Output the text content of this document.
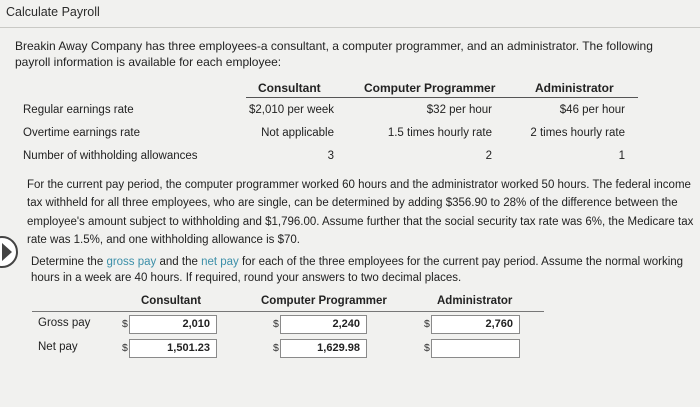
Calculate Payroll
Breakin Away Company has three employees-a consultant, a computer programmer, and an administrator. The following payroll information is available for each employee:
Consultant	Computer Programmer	Administrator
Regular earnings rate	$2,010 per week	$32 per hour	$46 per hour
Overtime earnings rate	Not applicable	1.5 times hourly rate	2 times hourly rate
Number of withholding allowances	3	2	1
For the current pay period, the computer programmer worked 60 hours and the administrator worked 50 hours. The federal income tax withheld for all three employees, who are single, can be determined by adding $356.90 to 28% of the difference between the employee's amount subject to withholding and $1,796.00. Assume further that the social security tax rate was 6%, the Medicare tax rate was 1.5%, and one withholding allowance is $70.
Determine the gross pay and the net pay for each of the three employees for the current pay period. Assume the normal working hours in a week are 40 hours. If required, round your answers to two decimal places.
Consultant	Computer Programmer	Administrator
Gross pay	$	2,010	$	2,240	$	2,760
Net pay	$	1,501.23	$	1,629.98	$
